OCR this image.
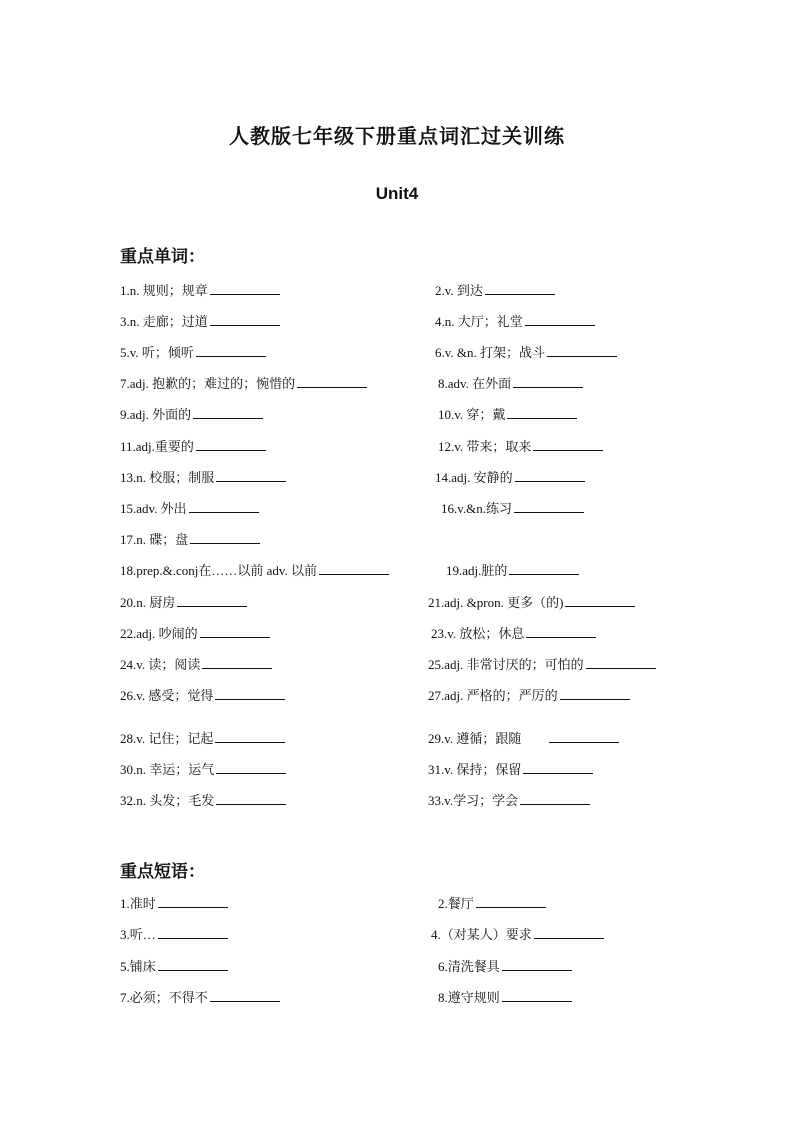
人教版七年级下册重点词汇过关训练
Unit4
重点单词：
1.n. 规则；规章	2.v. 到达
3.n. 走廊；过道	4.n. 大厅；礼堂
5.v. 听；倾听	6.v. &n. 打架；战斗
7.adj. 抱歉的；难过的；惋惜的	8.adv. 在外面
9.adj. 外面的	10.v. 穿；戴
11.adj.重要的	12.v. 带来；取来
13.n. 校服；制服	14.adj. 安静的
15.adv. 外出	16.v.&n.练习
17.n. 碟；盘
18.prep.&.conj在……以前 adv. 以前	19.adj.脏的
20.n. 厨房	21.adj. &pron. 更多（的)
22.adj. 吵闹的	23.v. 放松；休息
24.v. 读；阅读	25.adj. 非常讨厌的；可怕的
26.v. 感受；觉得	27.adj. 严格的；严厉的
28.v. 记住；记起	29.v. 遵循；跟随
30.n. 幸运；运气	31.v. 保持；保留
32.n. 头发；毛发	33.v.学习；学会
重点短语：
1.准时	2.餐厅
3.听…	4.（对某人）要求
5.铺床	6.清洗餐具
7.必须；不得不	8.遵守规则
